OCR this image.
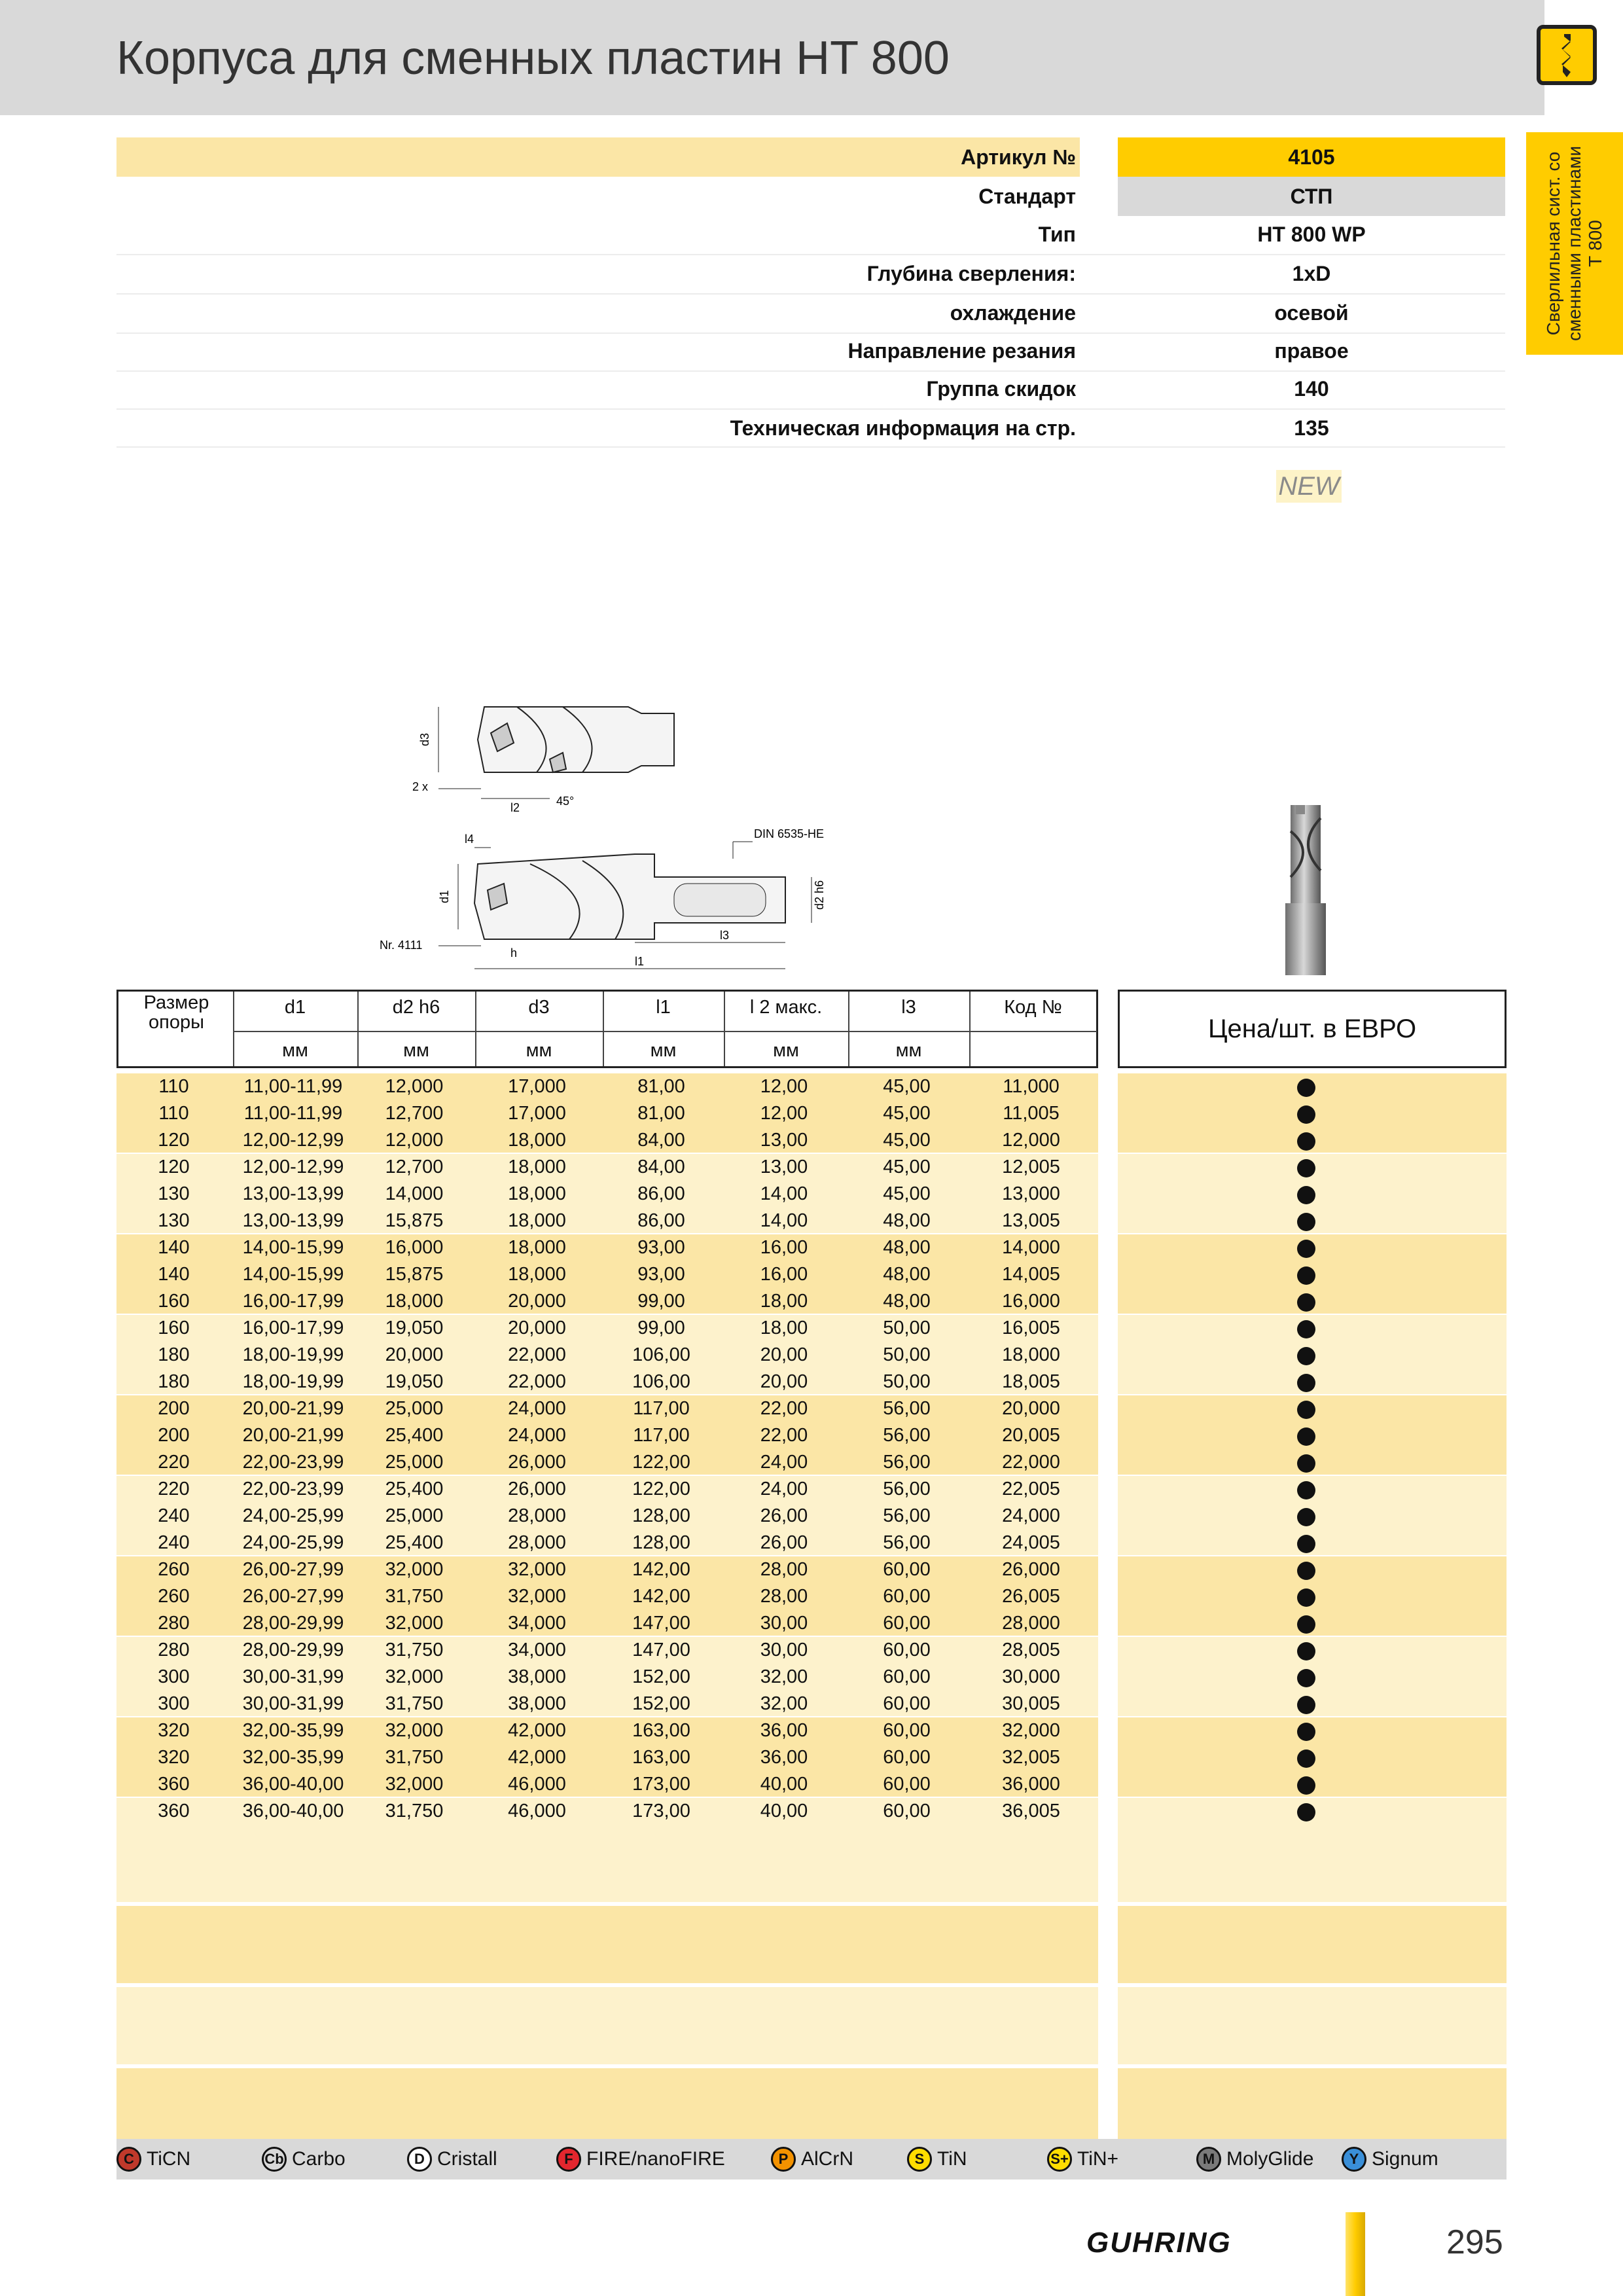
Корпуса для сменных пластин HT 800
Сверлильная сист. со сменными пластинами Т 800
Артикул №	4105
Стандарт	СТП
Тип	HT 800 WP
Глубина сверления:	1xD
охлаждение	осевой
Направление резания	правое
Группа скидок	140
Техническая информация на стр.	135
NEW
d3
2 x
l2	45°
DIN 6535-HE
d1
l4
d2 h6
Nr. 4111
h
l3
l1
Размер опоры
d1	d2 h6	d3	l1	l 2 макс.	l3	Код №
мм	мм	мм	мм	мм	мм
Цена/шт. в ЕВРО
110	11,00-11,99	12,000	17,000	81,00	12,00	45,00	11,000
110	11,00-11,99	12,700	17,000	81,00	12,00	45,00	11,005
120	12,00-12,99	12,000	18,000	84,00	13,00	45,00	12,000
120	12,00-12,99	12,700	18,000	84,00	13,00	45,00	12,005
130	13,00-13,99	14,000	18,000	86,00	14,00	45,00	13,000
130	13,00-13,99	15,875	18,000	86,00	14,00	48,00	13,005
140	14,00-15,99	16,000	18,000	93,00	16,00	48,00	14,000
140	14,00-15,99	15,875	18,000	93,00	16,00	48,00	14,005
160	16,00-17,99	18,000	20,000	99,00	18,00	48,00	16,000
160	16,00-17,99	19,050	20,000	99,00	18,00	50,00	16,005
180	18,00-19,99	20,000	22,000	106,00	20,00	50,00	18,000
180	18,00-19,99	19,050	22,000	106,00	20,00	50,00	18,005
200	20,00-21,99	25,000	24,000	117,00	22,00	56,00	20,000
200	20,00-21,99	25,400	24,000	117,00	22,00	56,00	20,005
220	22,00-23,99	25,000	26,000	122,00	24,00	56,00	22,000
220	22,00-23,99	25,400	26,000	122,00	24,00	56,00	22,005
240	24,00-25,99	25,000	28,000	128,00	26,00	56,00	24,000
240	24,00-25,99	25,400	28,000	128,00	26,00	56,00	24,005
260	26,00-27,99	32,000	32,000	142,00	28,00	60,00	26,000
260	26,00-27,99	31,750	32,000	142,00	28,00	60,00	26,005
280	28,00-29,99	32,000	34,000	147,00	30,00	60,00	28,000
280	28,00-29,99	31,750	34,000	147,00	30,00	60,00	28,005
300	30,00-31,99	32,000	38,000	152,00	32,00	60,00	30,000
300	30,00-31,99	31,750	38,000	152,00	32,00	60,00	30,005
320	32,00-35,99	32,000	42,000	163,00	36,00	60,00	32,000
320	32,00-35,99	31,750	42,000	163,00	36,00	60,00	32,005
360	36,00-40,00	32,000	46,000	173,00	40,00	60,00	36,000
360	36,00-40,00	31,750	46,000	173,00	40,00	60,00	36,005
C TiCN	Cb Carbo	D Cristall	F FIRE/nanoFIRE	P AlCrN	S TiN	S+ TiN+	M MolyGlide	Y Signum
GUHRING	295
